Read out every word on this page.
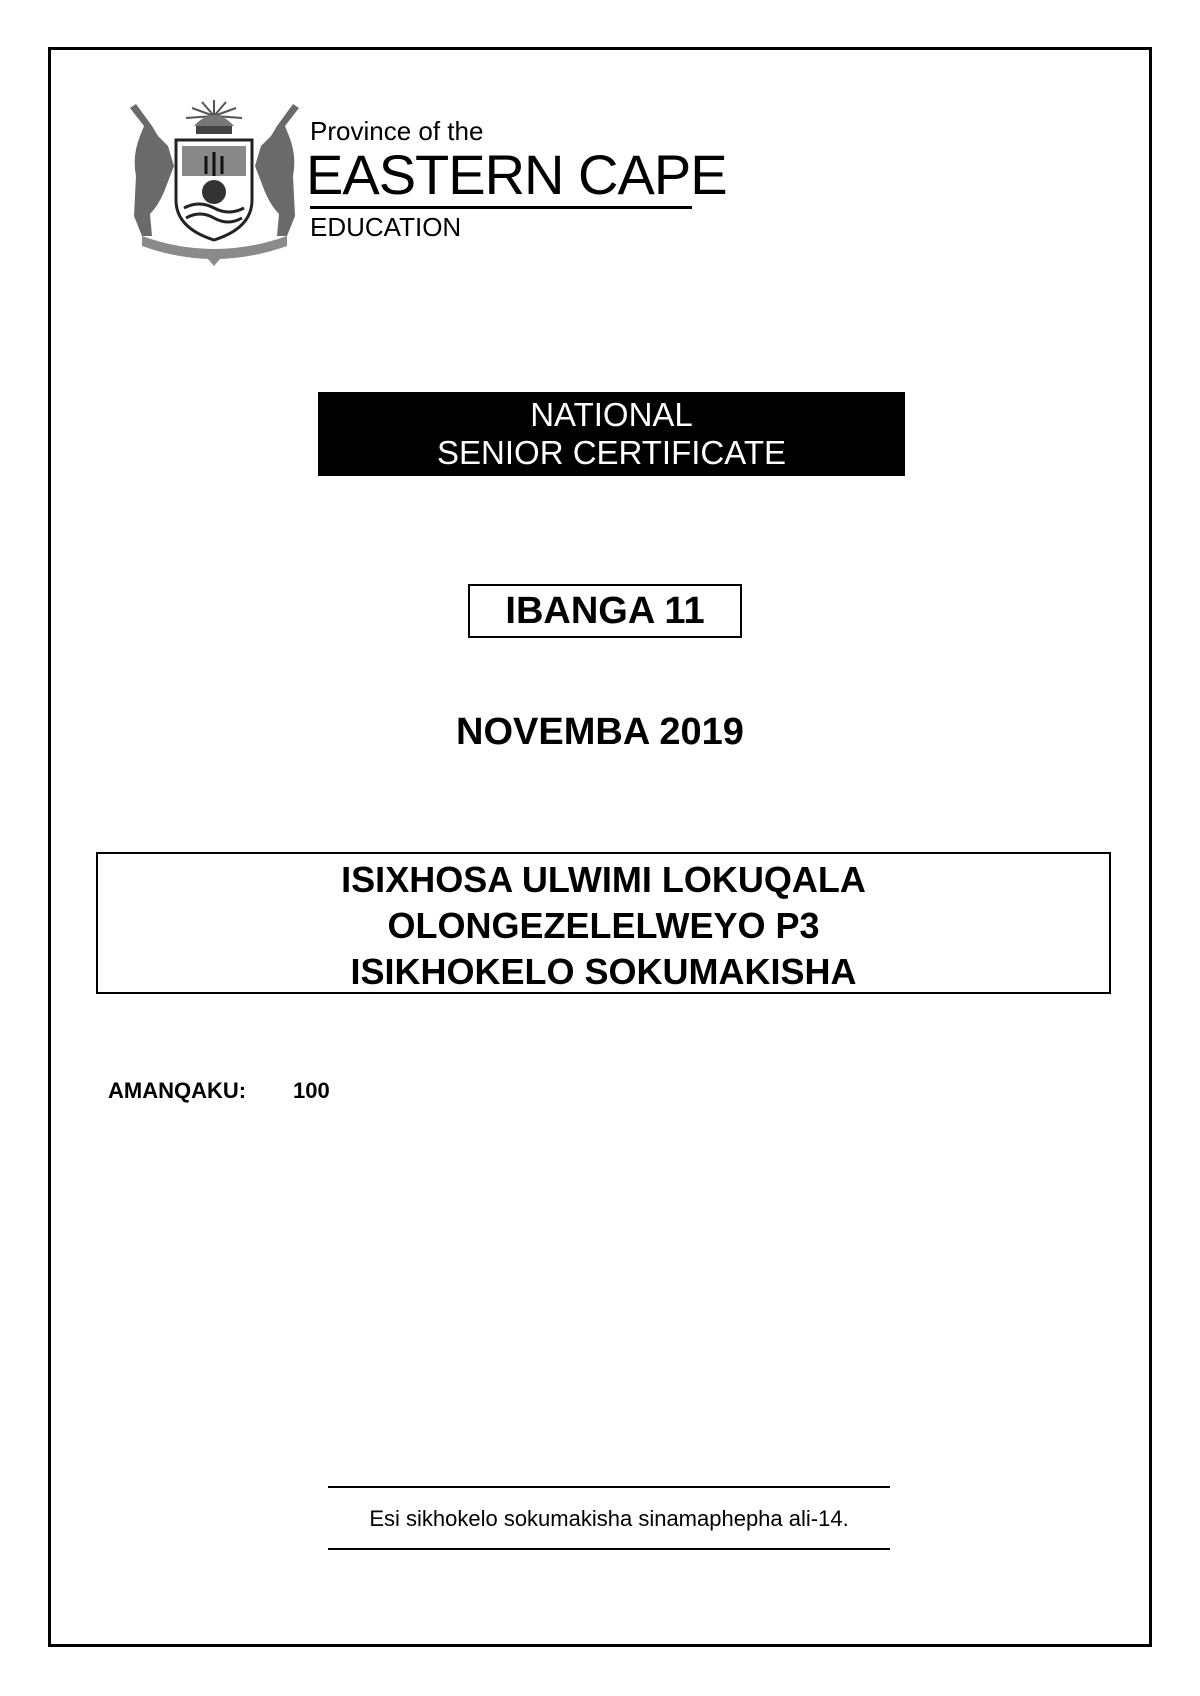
Province of the
EASTERN CAPE
EDUCATION
NATIONAL
SENIOR CERTIFICATE
IBANGA 11
NOVEMBA 2019
ISIXHOSA ULWIMI LOKUQALA
OLONGEZELELWEYO P3
ISIKHOKELO SOKUMAKISHA
AMANQAKU: 100
Esi sikhokelo sokumakisha sinamaphepha ali-14.
